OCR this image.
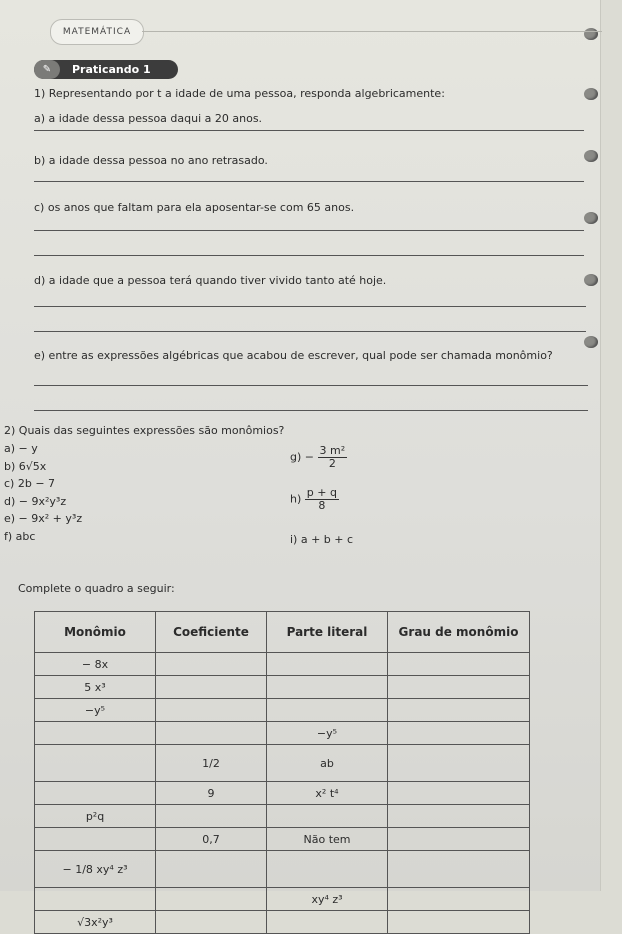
MATEMÁTICA
✎	Praticando 1
1) Representando por t a idade de uma pessoa, responda algebricamente:
a) a idade dessa pessoa daqui a 20 anos.
b) a idade dessa pessoa no ano retrasado.
c) os anos que faltam para ela aposentar-se com 65 anos.
d) a idade que a pessoa terá quando tiver vivido tanto até hoje.
e) entre as expressões algébricas que acabou de escrever, qual pode ser chamada monômio?
2) Quais das seguintes expressões são monômios?
a) − y
b) 6√5x
c) 2b − 7
d) − 9x²y³z
e) − 9x² + y³z
f) abc
$g) - \frac{\text{3 m²}}{2}$
$h) \frac{p + q}{8}$
i) a + b + c
Complete o quadro a seguir:
Monômio	Coeficiente	Parte literal	Grau de monômio
− 8x			
5 x³			
−y⁵			
		−y⁵	
	1/2	ab	
	9	x² t⁴	
p²q			
	0,7	Não tem	
− 1/8 xy⁴ z³			
		xy⁴ z³	
√3x²y³			
